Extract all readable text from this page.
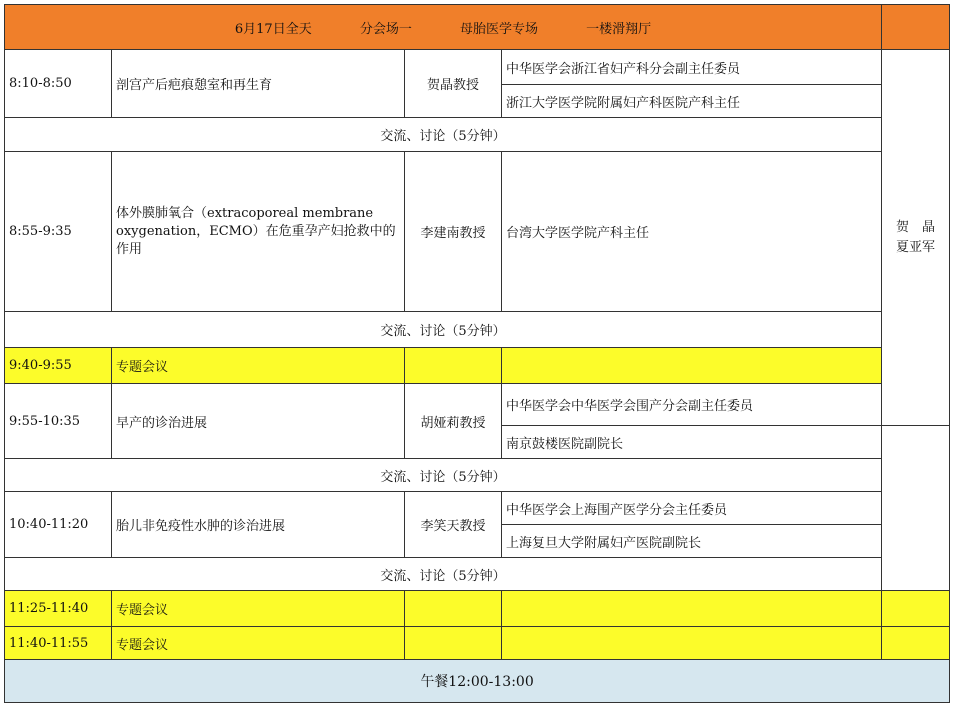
6月17日全天 分会场一 母胎医学专场 一楼滑翔厅					
8:10-8:50	剖宫产后疤痕憩室和再生育	贺晶教授	中华医学会浙江省妇产科分会副主任委员	贺　晶
夏亚军	

			浙江大学医学院附属妇产科医院产科主任		
交流、讨论（5分钟）					
8:55-9:35	体外膜肺氧合（extracoporeal membrane oxygenation，ECMO）在危重孕产妇抢救中的作用	李建南教授	台湾大学医学院产科主任		
交流、讨论（5分钟）					
9:40-9:55	专题会议				
9:55-10:35	早产的诊治进展	胡娅莉教授	中华医学会中华医学会围产分会副主任委员	

			南京鼓楼医院副院长		
交流、讨论（5分钟）					
10:40-11:20	胎儿非免疫性水肿的诊治进展	李笑天教授	中华医学会上海围产医学分会主任委员		
			上海复旦大学附属妇产医院副院长		
交流、讨论（5分钟）					
11:25-11:40	专题会议				
11:40-11:55	专题会议				
午餐12:00-13:00					
